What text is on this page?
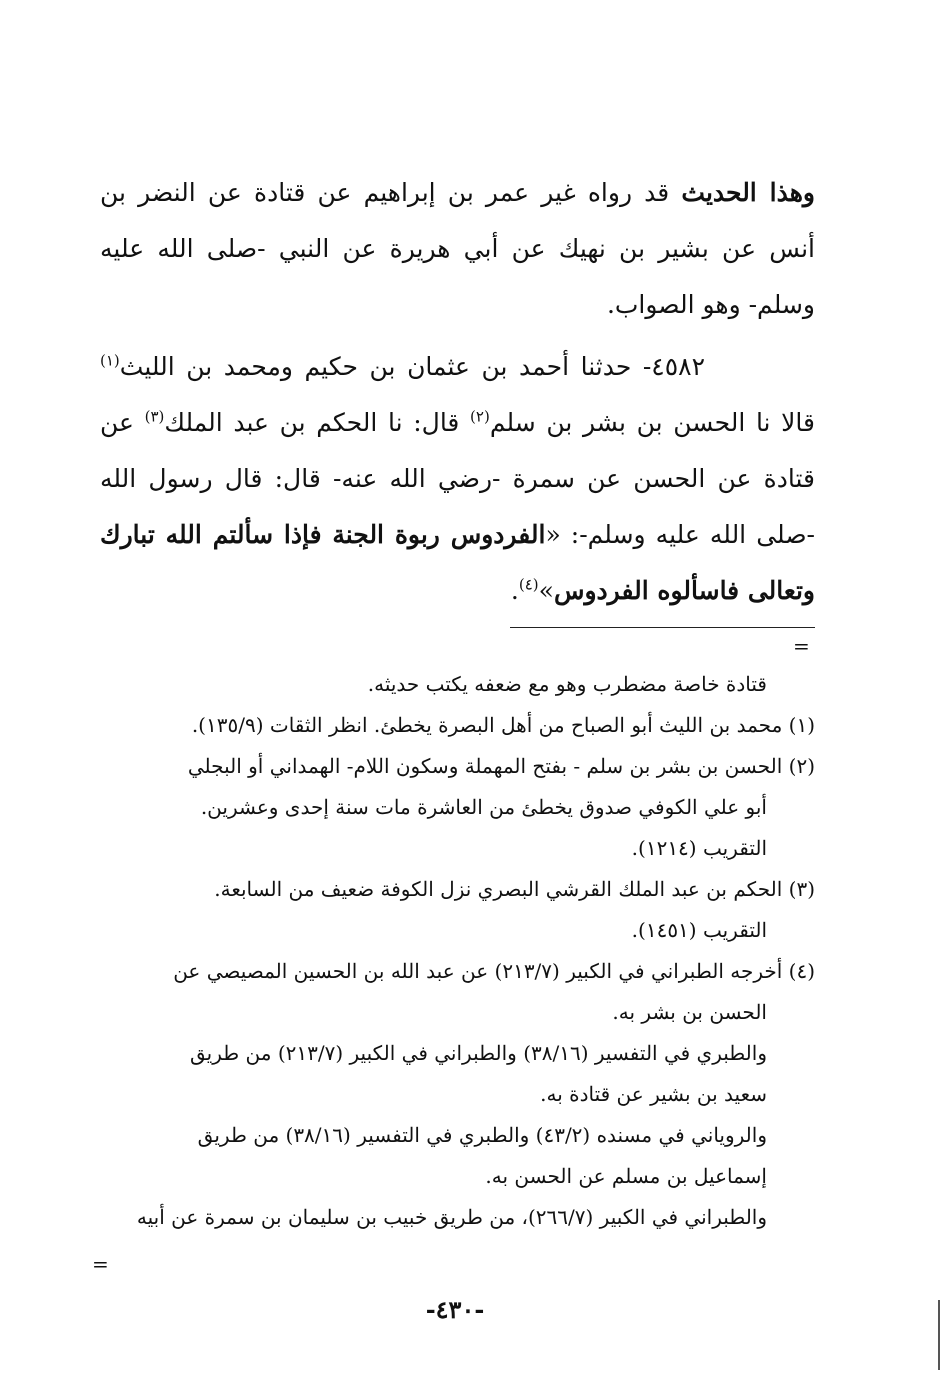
وهذا الحديث قد رواه غير عمر بن إبراهيم عن قتادة عن النضر بن أنس عن بشير بن نهيك عن أبي هريرة عن النبي -صلى الله عليه وسلم- وهو الصواب.

٤٥٨٢- حدثنا أحمد بن عثمان بن حكيم ومحمد بن الليث$^{(١)}$ قالا نا الحسن بن بشر بن سلم$^{(٢)}$ قال: نا الحكم بن عبد الملك$^{(٣)}$ عن قتادة عن الحسن عن سمرة -رضي الله عنه- قال: قال رسول الله -صلى الله عليه وسلم-: «الفردوس ربوة الجنة فإذا سألتم الله تبارك وتعالى فاسألوه الفردوس»$^{(٤)}$.

=

قتادة خاصة مضطرب وهو مع ضعفه يكتب حديثه.

(١) محمد بن الليث أبو الصباح من أهل البصرة يخطئ. انظر الثقات (١٣٥/٩).

(٢) الحسن بن بشر بن سلم - بفتح المهملة وسكون اللام- الهمداني أو البجلي

أبو علي الكوفي صدوق يخطئ من العاشرة مات سنة إحدى وعشرين.

التقريب (١٢١٤).

(٣) الحكم بن عبد الملك القرشي البصري نزل الكوفة ضعيف من السابعة.

التقريب (١٤٥١).

(٤) أخرجه الطبراني في الكبير (٢١٣/٧) عن عبد الله بن الحسين المصيصي عن

الحسن بن بشر به.

والطبري في التفسير (٣٨/١٦) والطبراني في الكبير (٢١٣/٧) من طريق

سعيد بن بشير عن قتادة به.

والروياني في مسنده (٤٣/٢) والطبري في التفسير (٣٨/١٦) من طريق

إسماعيل بن مسلم عن الحسن به.

والطبراني في الكبير (٢٦٦/٧)، من طريق خبيب بن سليمان بن سمرة عن أبيه

=
-٤٣٠-
